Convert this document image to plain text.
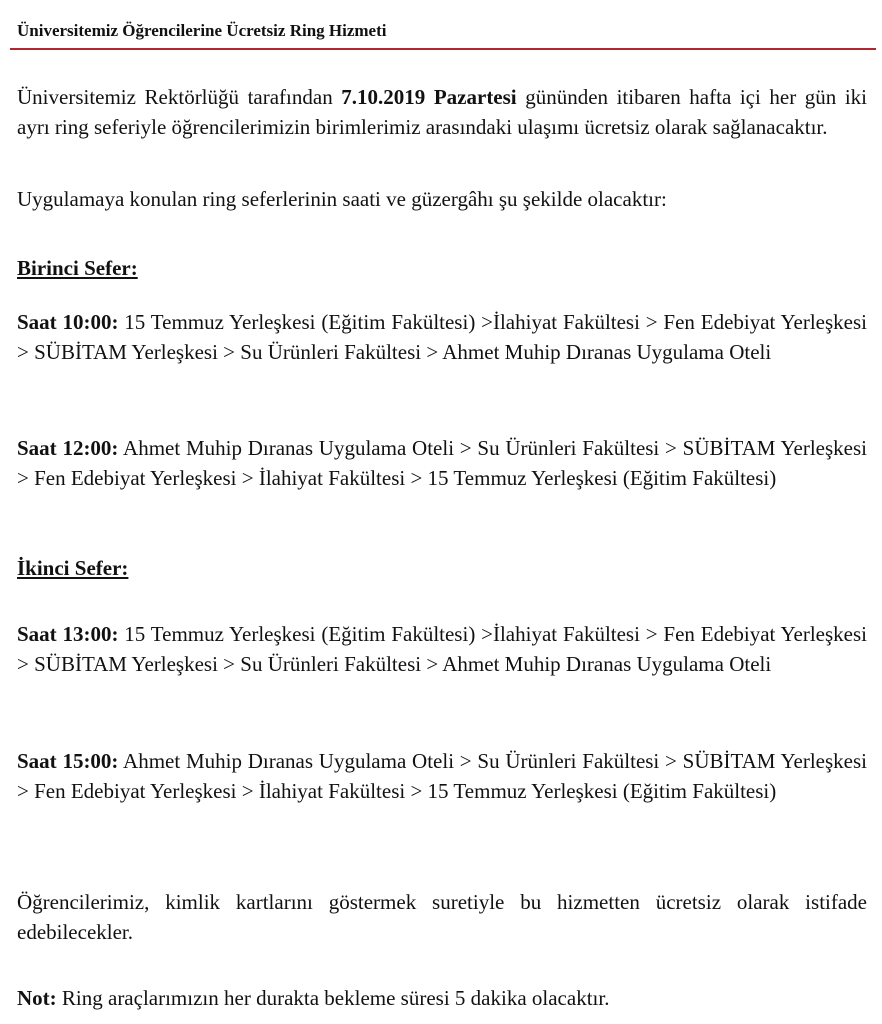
Üniversitemiz Öğrencilerine Ücretsiz Ring Hizmeti

Üniversitemiz Rektörlüğü tarafından 7.10.2019 Pazartesi gününden itibaren hafta içi her gün iki ayrı ring seferiyle öğrencilerimizin birimlerimiz arasındaki ulaşımı ücretsiz olarak sağlanacaktır.

Uygulamaya konulan ring seferlerinin saati ve güzergâhı şu şekilde olacaktır:

Birinci Sefer:

Saat 10:00: 15 Temmuz Yerleşkesi (Eğitim Fakültesi) >İlahiyat Fakültesi > Fen Edebiyat Yerleşkesi > SÜBİTAM Yerleşkesi > Su Ürünleri Fakültesi > Ahmet Muhip Dıranas Uygulama Oteli

Saat 12:00: Ahmet Muhip Dıranas Uygulama Oteli > Su Ürünleri Fakültesi > SÜBİTAM Yerleşkesi > Fen Edebiyat Yerleşkesi > İlahiyat Fakültesi > 15 Temmuz Yerleşkesi (Eğitim Fakültesi)

İkinci Sefer:

Saat 13:00: 15 Temmuz Yerleşkesi (Eğitim Fakültesi) >İlahiyat Fakültesi > Fen Edebiyat Yerleşkesi > SÜBİTAM Yerleşkesi > Su Ürünleri Fakültesi > Ahmet Muhip Dıranas Uygulama Oteli

Saat 15:00: Ahmet Muhip Dıranas Uygulama Oteli > Su Ürünleri Fakültesi > SÜBİTAM Yerleşkesi > Fen Edebiyat Yerleşkesi > İlahiyat Fakültesi > 15 Temmuz Yerleşkesi (Eğitim Fakültesi)

Öğrencilerimiz, kimlik kartlarını göstermek suretiyle bu hizmetten ücretsiz olarak istifade edebilecekler.

Not: Ring araçlarımızın her durakta bekleme süresi 5 dakika olacaktır.
